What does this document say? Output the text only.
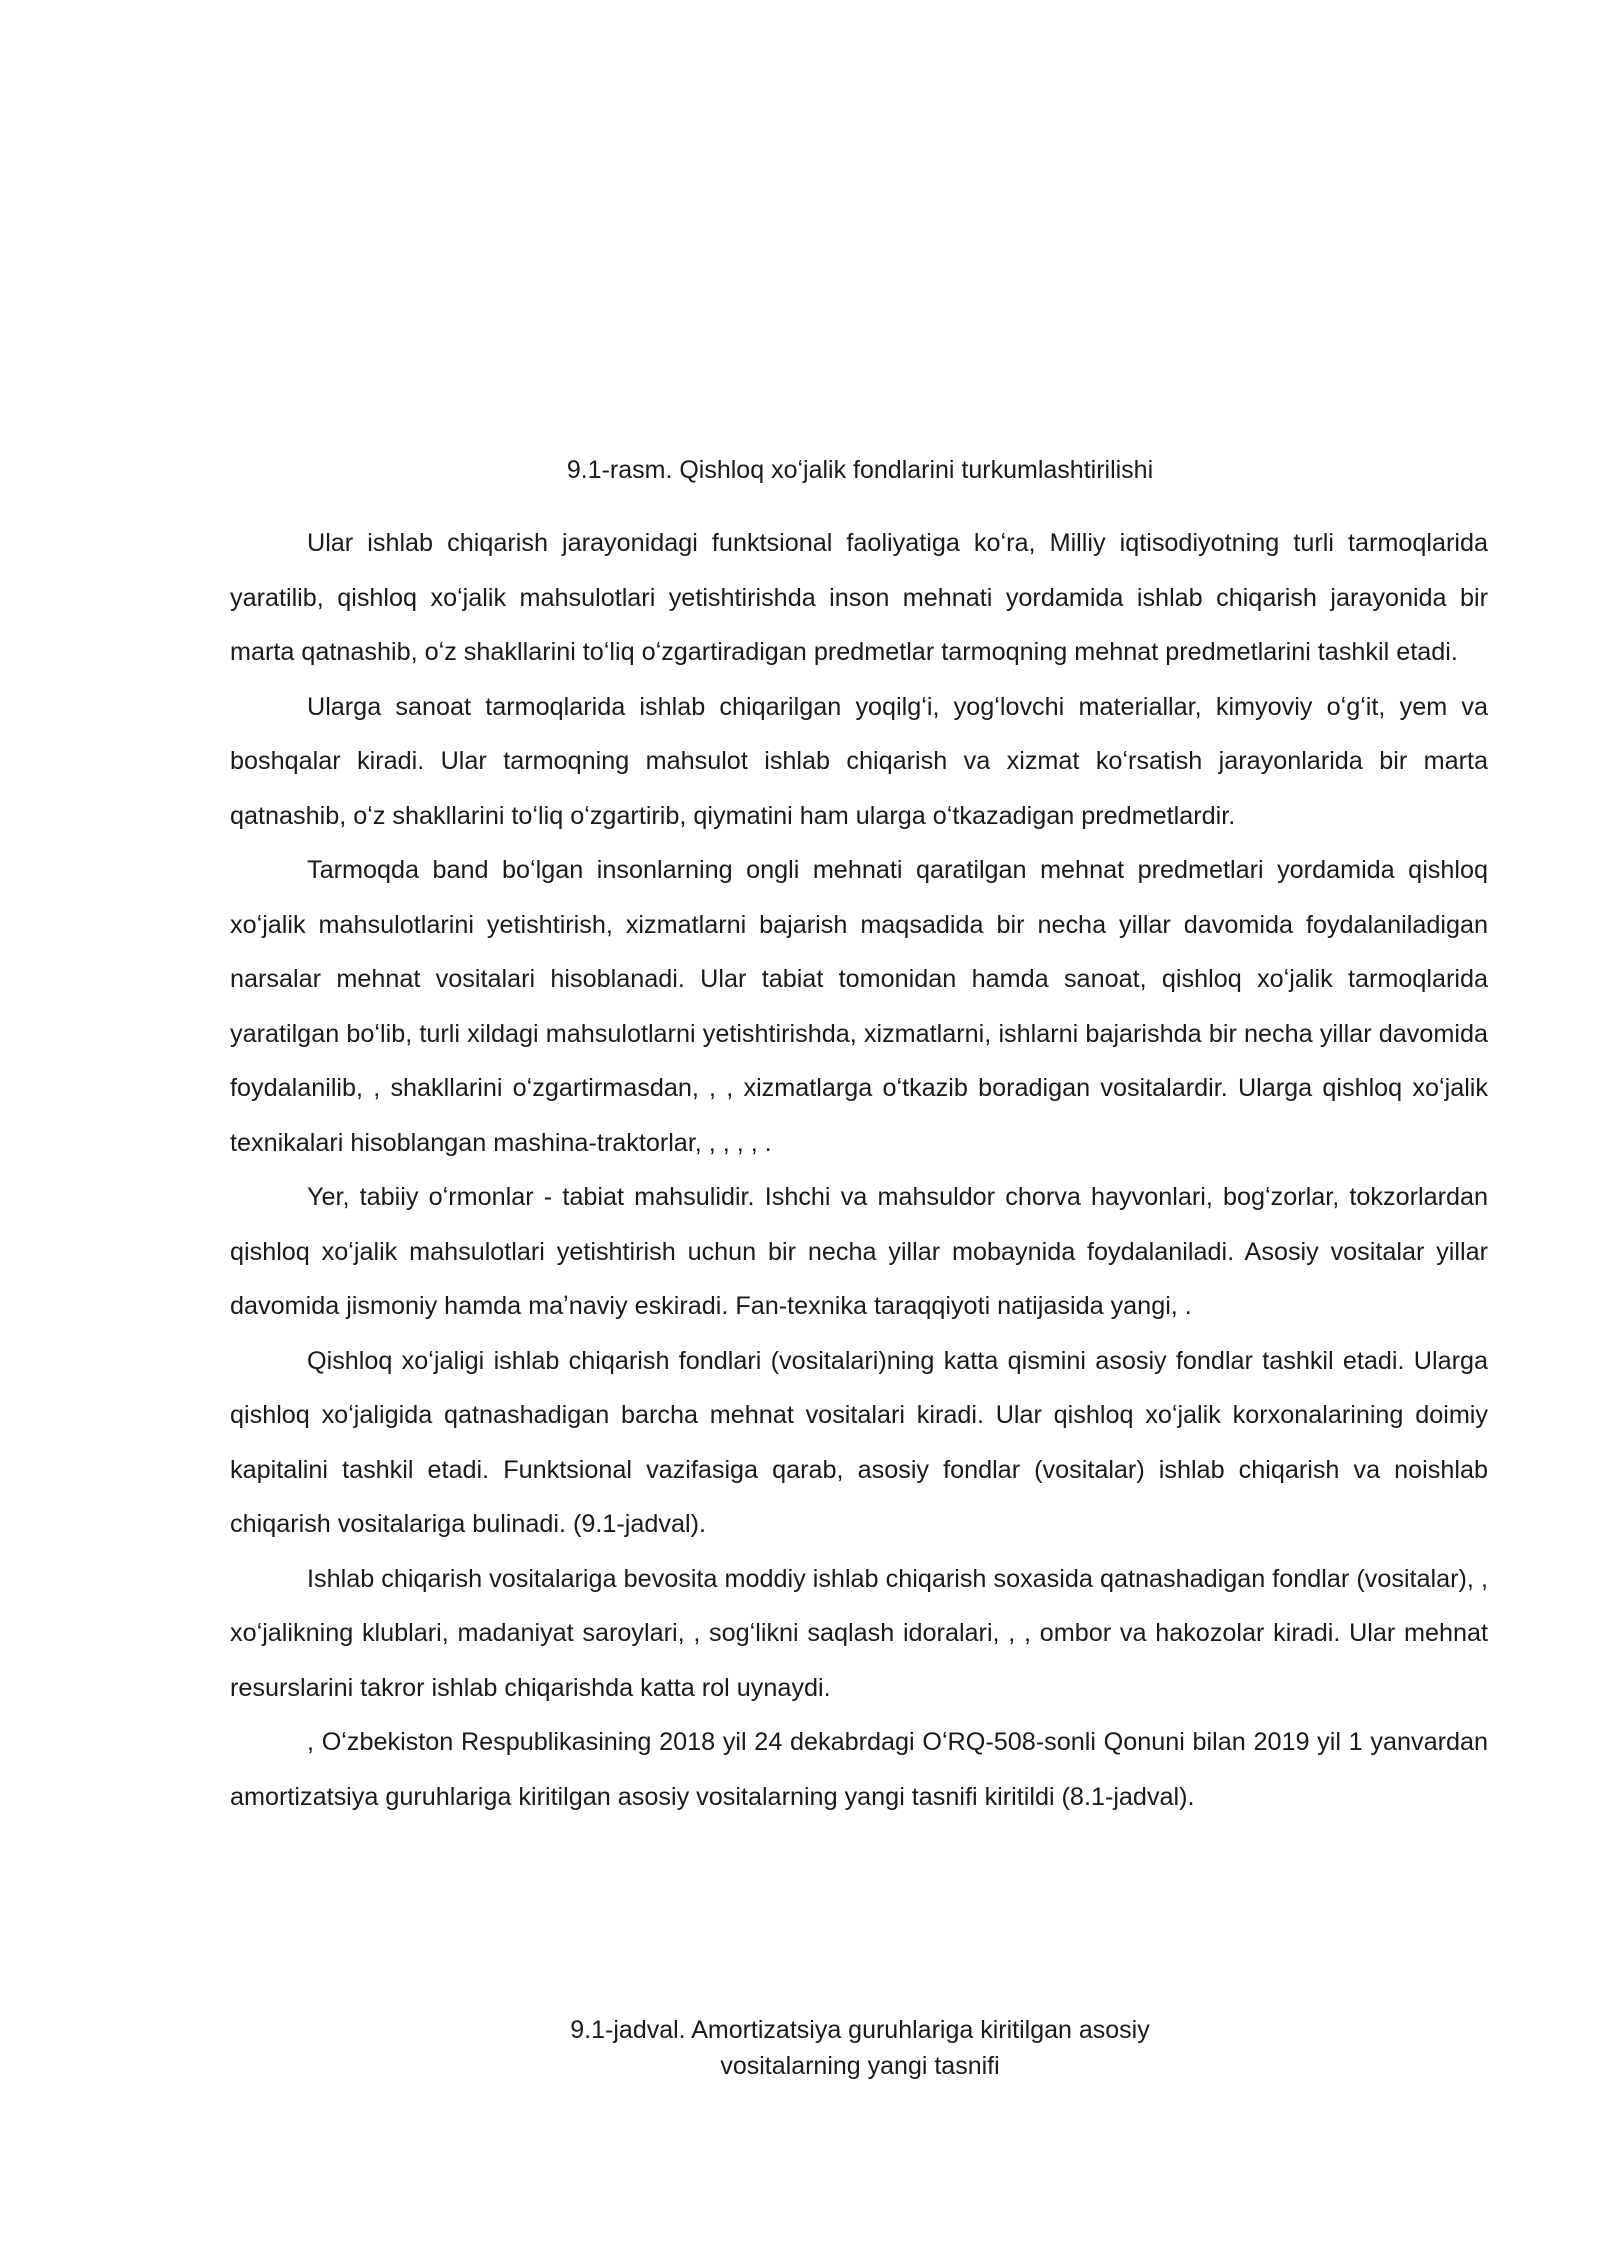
9.1-rasm. Qishloq xoʻjalik fondlarini turkumlashtirilishi

Ular ishlab chiqarish jarayonidagi funktsional faoliyatiga koʻra, Milliy iqtisodiyotning turli tarmoqlarida yaratilib, qishloq xoʻjalik mahsulotlari yetishtirishda inson mehnati yordamida ishlab chiqarish jarayonida bir marta qatnashib, oʻz shakllarini toʻliq oʻzgartiradigan predmetlar tarmoqning mehnat predmetlarini tashkil etadi.

Ularga sanoat tarmoqlarida ishlab chiqarilgan yoqilgʻi, yogʻlovchi materiallar, kimyoviy oʻgʻit, yem va boshqalar kiradi. Ular tarmoqning mahsulot ishlab chiqarish va xizmat koʻrsatish jarayonlarida bir marta qatnashib, oʻz shakllarini toʻliq oʻzgartirib, qiymatini ham ularga oʻtkazadigan predmetlardir.

Tarmoqda band boʻlgan insonlarning ongli mehnati qaratilgan mehnat predmetlari yordamida qishloq xoʻjalik mahsulotlarini yetishtirish, xizmatlarni bajarish maqsadida bir necha yillar davomida foydalaniladigan narsalar mehnat vositalari hisoblanadi. Ular tabiat tomonidan hamda sanoat, qishloq xoʻjalik tarmoqlarida yaratilgan boʻlib, turli xildagi mahsulotlarni yetishtirishda, xizmatlarni, ishlarni bajarishda bir necha yillar davomida foydalanilib, , shakllarini oʻzgartirmasdan, , , xizmatlarga oʻtkazib boradigan vositalardir. Ularga qishloq xoʻjalik texnikalari hisoblangan mashina-traktorlar, , , , , .

Yer, tabiiy oʻrmonlar - tabiat mahsulidir. Ishchi va mahsuldor chorva hayvonlari, bogʻzorlar, tokzorlardan qishloq xoʻjalik mahsulotlari yetishtirish uchun bir necha yillar mobaynida foydalaniladi. Asosiy vositalar yillar davomida jismoniy hamda maʼnaviy eskiradi. Fan-texnika taraqqiyoti natijasida yangi, .

Qishloq xoʻjaligi ishlab chiqarish fondlari (vositalari)ning katta qismini asosiy fondlar tashkil etadi. Ularga qishloq xoʻjaligida qatnashadigan barcha mehnat vositalari kiradi. Ular qishloq xoʻjalik korxonalarining doimiy kapitalini tashkil etadi. Funktsional vazifasiga qarab, asosiy fondlar (vositalar) ishlab chiqarish va noishlab chiqarish vositalariga bulinadi. (9.1-jadval).

Ishlab chiqarish vositalariga bevosita moddiy ishlab chiqarish soxasida qatnashadigan fondlar (vositalar), , xoʻjalikning klublari, madaniyat saroylari, , sogʻlikni saqlash idoralari, , , ombor va hakozolar kiradi. Ular mehnat resurslarini takror ishlab chiqarishda katta rol uynaydi.

, Oʻzbekiston Respublikasining 2018 yil 24 dekabrdagi OʻRQ-508-sonli Qonuni bilan 2019 yil 1 yanvardan amortizatsiya guruhlariga kiritilgan asosiy vositalarning yangi tasnifi kiritildi (8.1-jadval).

9.1-jadval. Amortizatsiya guruhlariga kiritilgan asosiy
vositalarning yangi tasnifi
